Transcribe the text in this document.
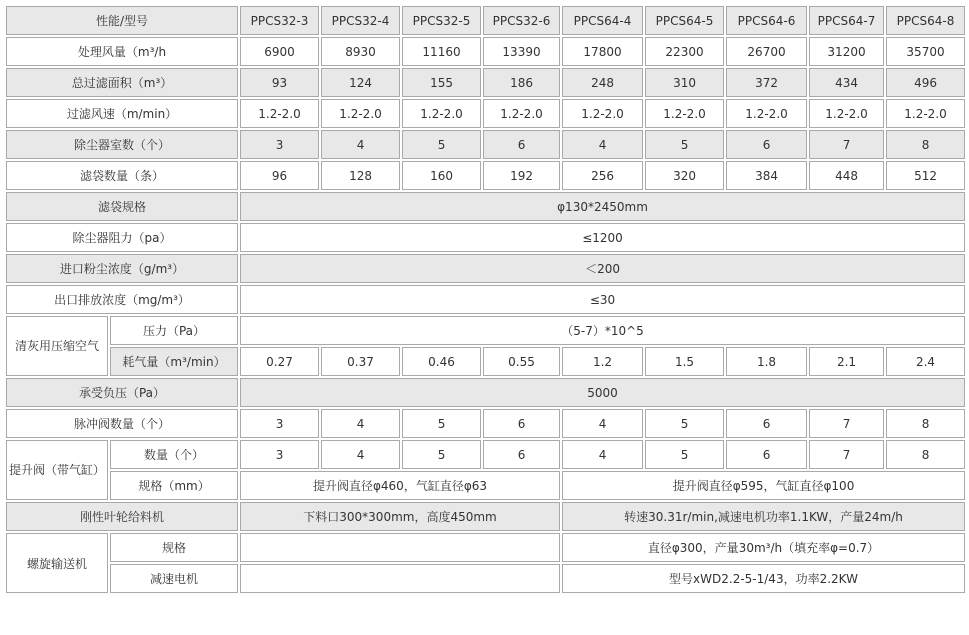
性能/型号		PPCS32-3	PPCS32-4	PPCS32-5	PPCS32-6	PPCS64-4	PPCS64-5	PPCS64-6	PPCS64-7	PPCS64-8
处理风量（m³/h		6900	8930	11160	13390	17800	22300	26700	31200	35700
总过滤面积（m³）		93	124	155	186	248	310	372	434	496
过滤风速（m/min）		1.2-2.0	1.2-2.0	1.2-2.0	1.2-2.0	1.2-2.0	1.2-2.0	1.2-2.0	1.2-2.0	1.2-2.0
除尘器室数（个）		3	4	5	6	4	5	6	7	8
滤袋数量（条）		96	128	160	192	256	320	384	448	512
滤袋规格		φ130*2450mm								
除尘器阻力（pa）		≤1200								
进口粉尘浓度（g/m³）		＜200								
出口排放浓度（mg/m³）		≤30								
清灰用压缩空气	压力（Pa）	（5-7）*10^5								
	耗气量（m³/min）	0.27	0.37	0.46	0.55	1.2	1.5	1.8	2.1	2.4
承受负压（Pa）		5000								
脉冲阀数量（个）		3	4	5	6	4	5	6	7	8
提升阀（带气缸）	数量（个）	3	4	5	6	4	5	6	7	8
	规格（mm）	提升阀直径φ460，气缸直径φ63				提升阀直径φ595，气缸直径φ100				
刚性叶轮给料机		下料口300*300mm，高度450mm				转速30.31r/min,减速电机功率1.1KW，产量24m/h				
螺旋输送机	规格					直径φ300，产量30m³/h（填充率φ=0.7）				
	减速电机					型号xWD2.2-5-1/43，功率2.2KW				
